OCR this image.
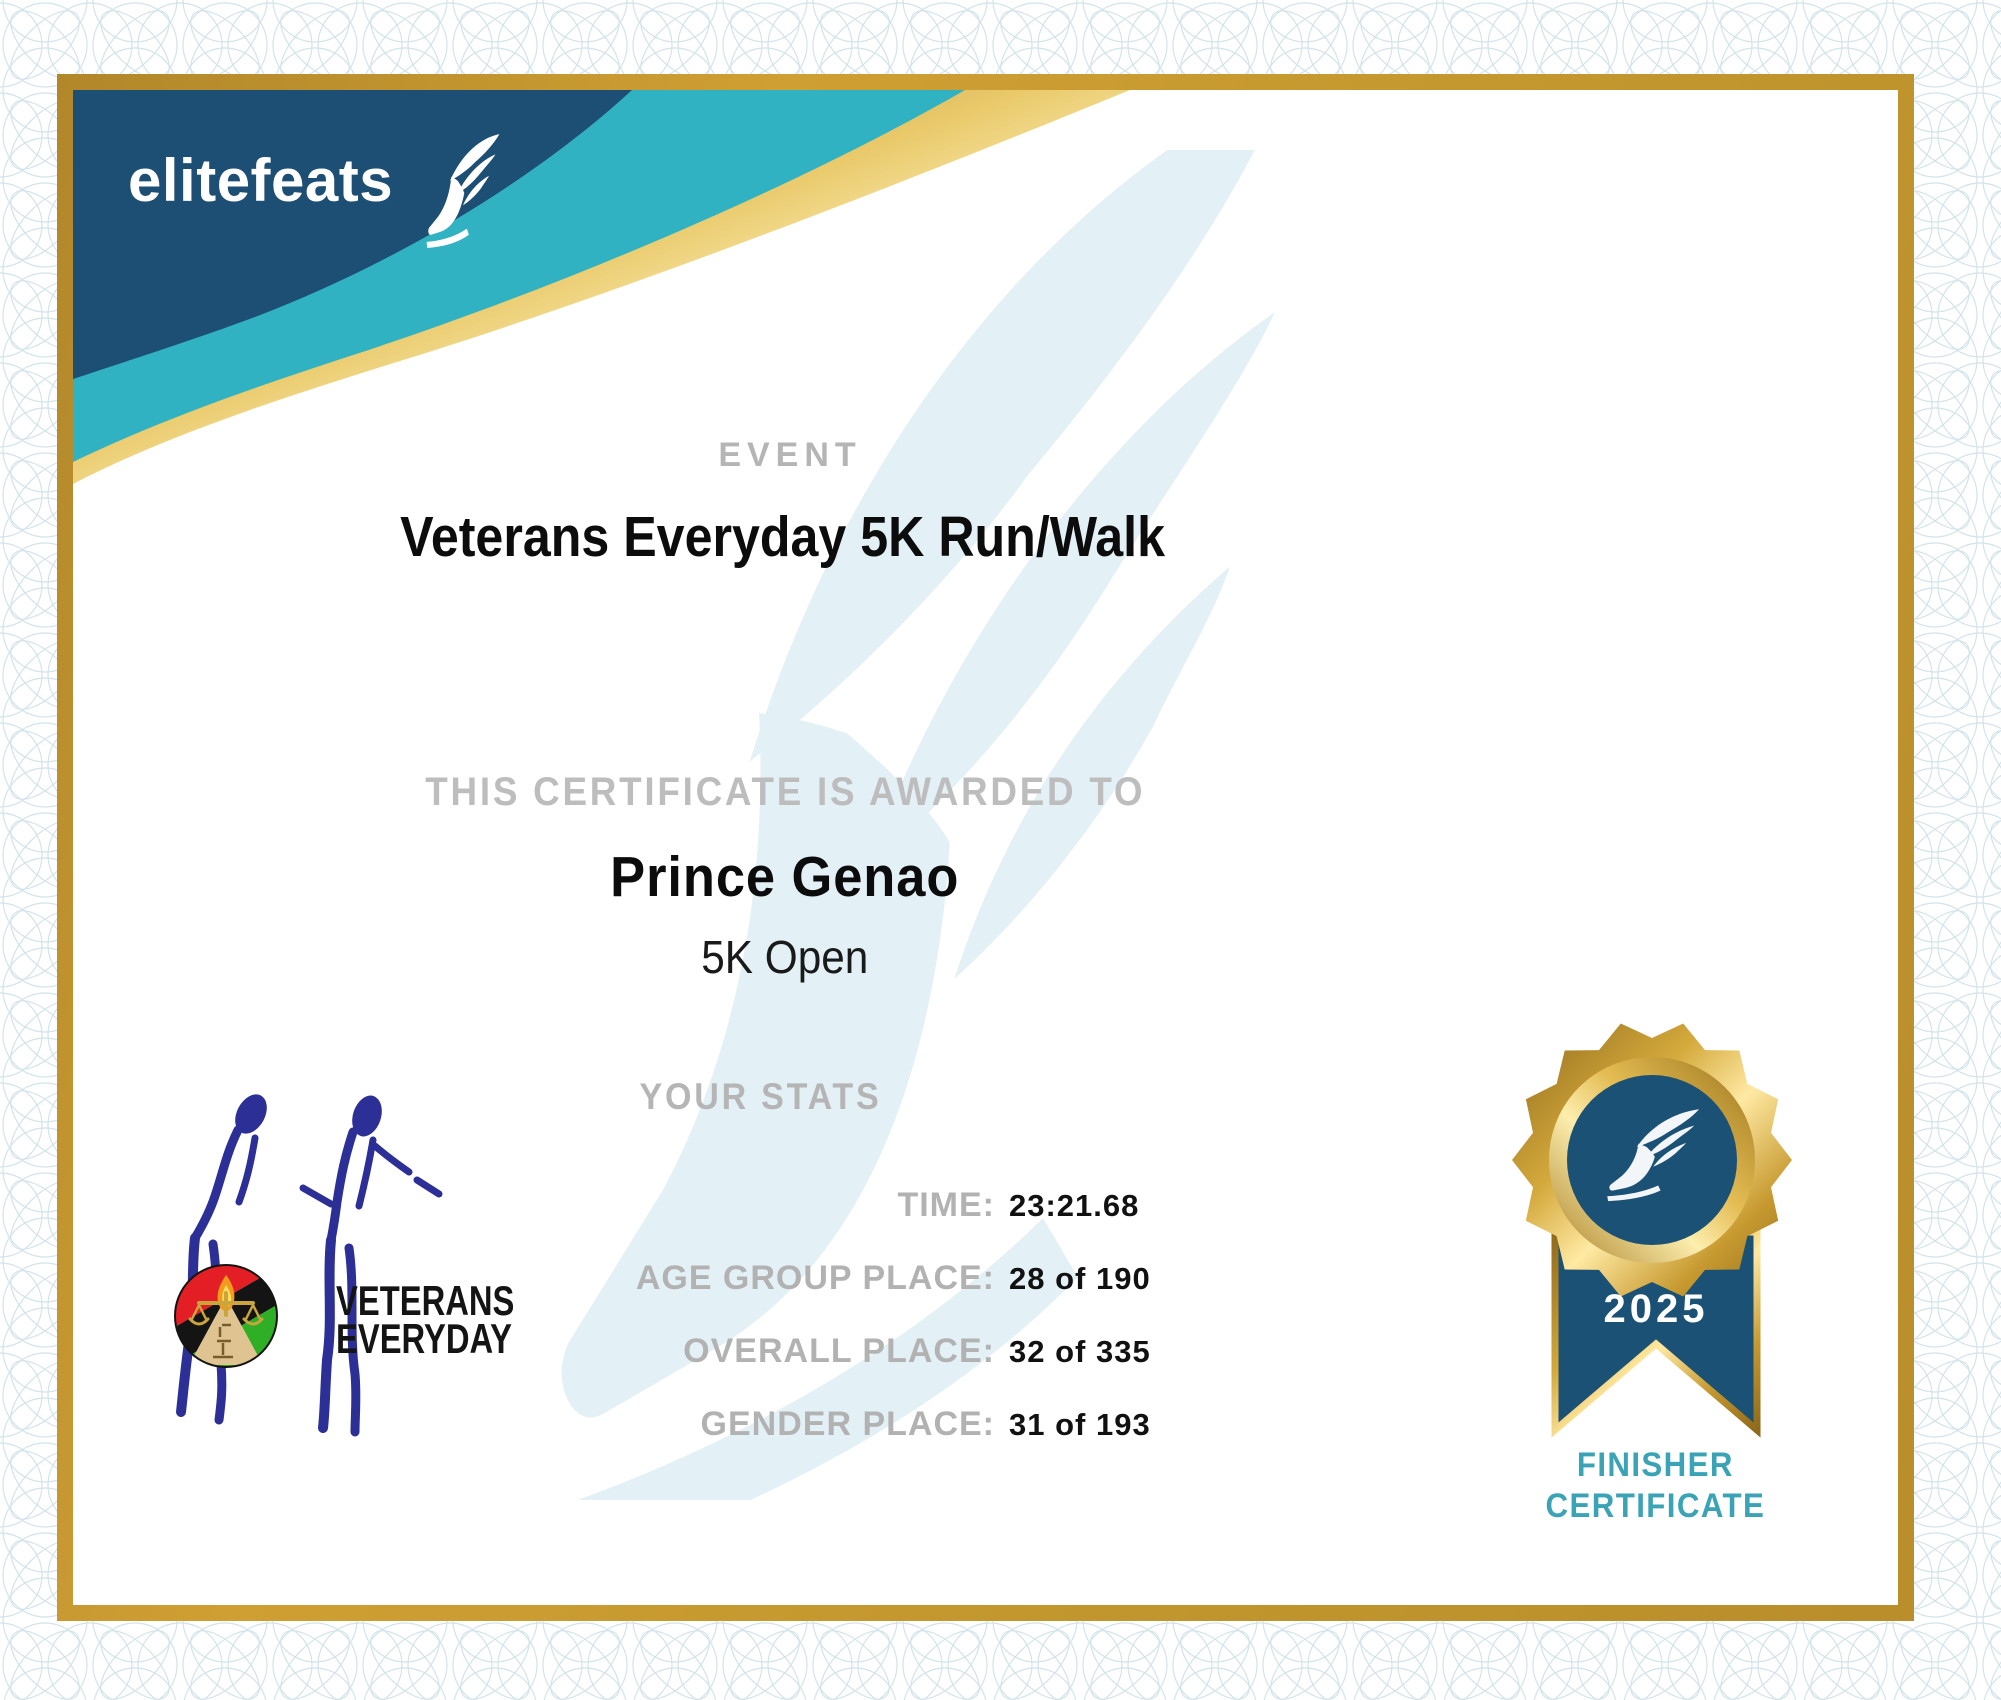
elitefeats
EVENT
Veterans Everyday 5K Run/Walk
THIS CERTIFICATE IS AWARDED TO
Prince Genao
5K Open
YOUR STATS
TIME: 23:21.68
AGE GROUP PLACE: 28 of 190
OVERALL PLACE: 32 of 335
GENDER PLACE: 31 of 193
VETERANS
EVERYDAY
2025
FINISHER
CERTIFICATE
